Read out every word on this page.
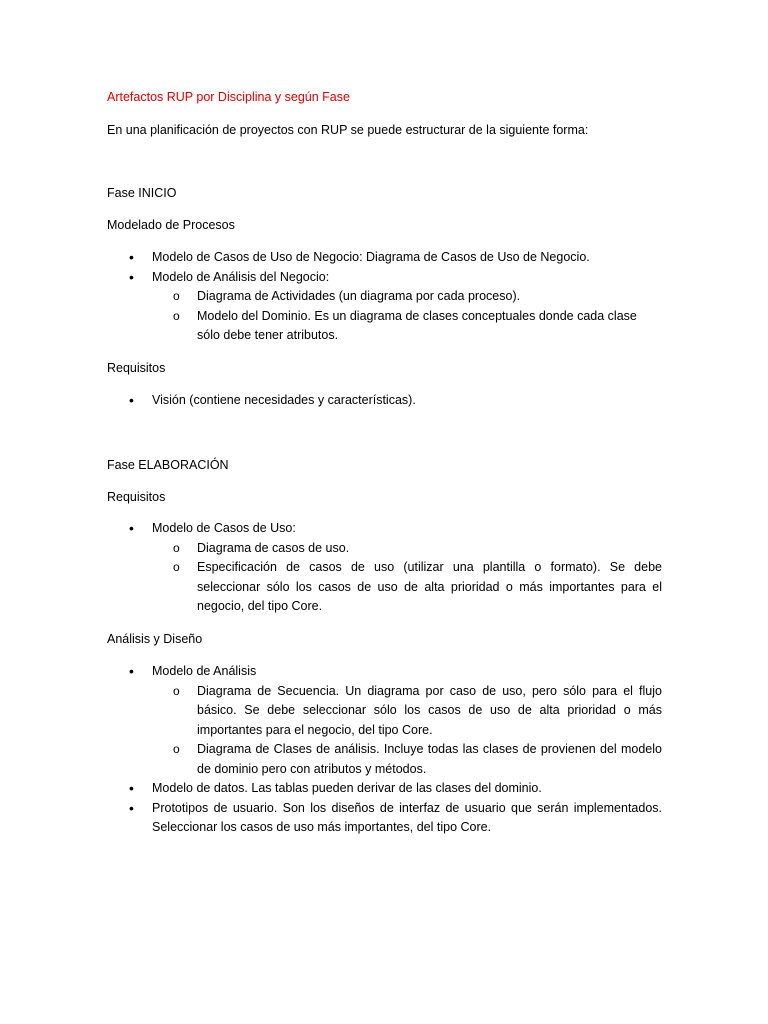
Artefactos RUP por Disciplina y según Fase

En una planificación de proyectos con RUP se puede estructurar de la siguiente forma:

Fase INICIO

Modelado de Procesos

• Modelo de Casos de Uso de Negocio: Diagrama de Casos de Uso de Negocio.
• Modelo de Análisis del Negocio:
o Diagrama de Actividades (un diagrama por cada proceso).
o Modelo del Dominio. Es un diagrama de clases conceptuales donde cada clase sólo debe tener atributos.

Requisitos

• Visión (contiene necesidades y características).

Fase ELABORACIÓN

Requisitos

• Modelo de Casos de Uso:
o Diagrama de casos de uso.
o Especificación de casos de uso (utilizar una plantilla o formato). Se debe seleccionar sólo los casos de uso de alta prioridad o más importantes para el negocio, del tipo Core.

Análisis y Diseño

• Modelo de Análisis
o Diagrama de Secuencia. Un diagrama por caso de uso, pero sólo para el flujo básico. Se debe seleccionar sólo los casos de uso de alta prioridad o más importantes para el negocio, del tipo Core.
o Diagrama de Clases de análisis. Incluye todas las clases de provienen del modelo de dominio pero con atributos y métodos.
• Modelo de datos. Las tablas pueden derivar de las clases del dominio.
• Prototipos de usuario. Son los diseños de interfaz de usuario que serán implementados. Seleccionar los casos de uso más importantes, del tipo Core.
